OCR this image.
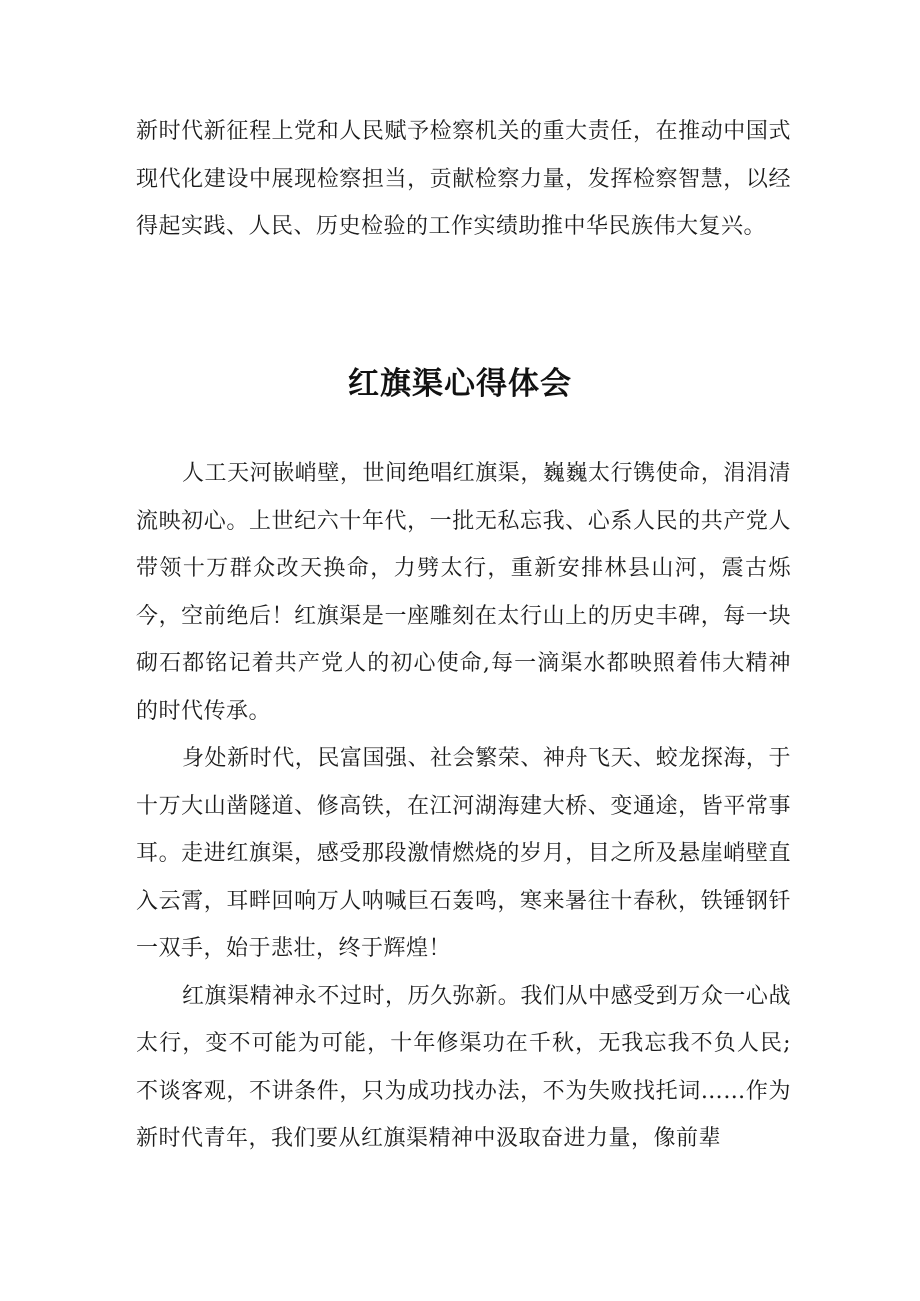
新时代新征程上党和人民赋予检察机关的重大责任，在推动中国式现代化建设中展现检察担当，贡献检察力量，发挥检察智慧，以经得起实践、人民、历史检验的工作实绩助推中华民族伟大复兴。

红旗渠心得体会

人工天河嵌峭壁，世间绝唱红旗渠，巍巍太行镌使命，涓涓清流映初心。上世纪六十年代，一批无私忘我、心系人民的共产党人带领十万群众改天换命，力劈太行，重新安排林县山河，震古烁今，空前绝后！红旗渠是一座雕刻在太行山上的历史丰碑，每一块砌石都铭记着共产党人的初心使命,每一滴渠水都映照着伟大精神的时代传承。

身处新时代，民富国强、社会繁荣、神舟飞天、蛟龙探海，于十万大山凿隧道、修高铁，在江河湖海建大桥、变通途，皆平常事耳。走进红旗渠，感受那段激情燃烧的岁月，目之所及悬崖峭壁直入云霄，耳畔回响万人呐喊巨石轰鸣，寒来暑往十春秋，铁锤钢钎一双手，始于悲壮，终于辉煌！

红旗渠精神永不过时，历久弥新。我们从中感受到万众一心战太行，变不可能为可能，十年修渠功在千秋，无我忘我不负人民;不谈客观，不讲条件，只为成功找办法，不为失败找托词……作为新时代青年，我们要从红旗渠精神中汲取奋进力量，像前辈
